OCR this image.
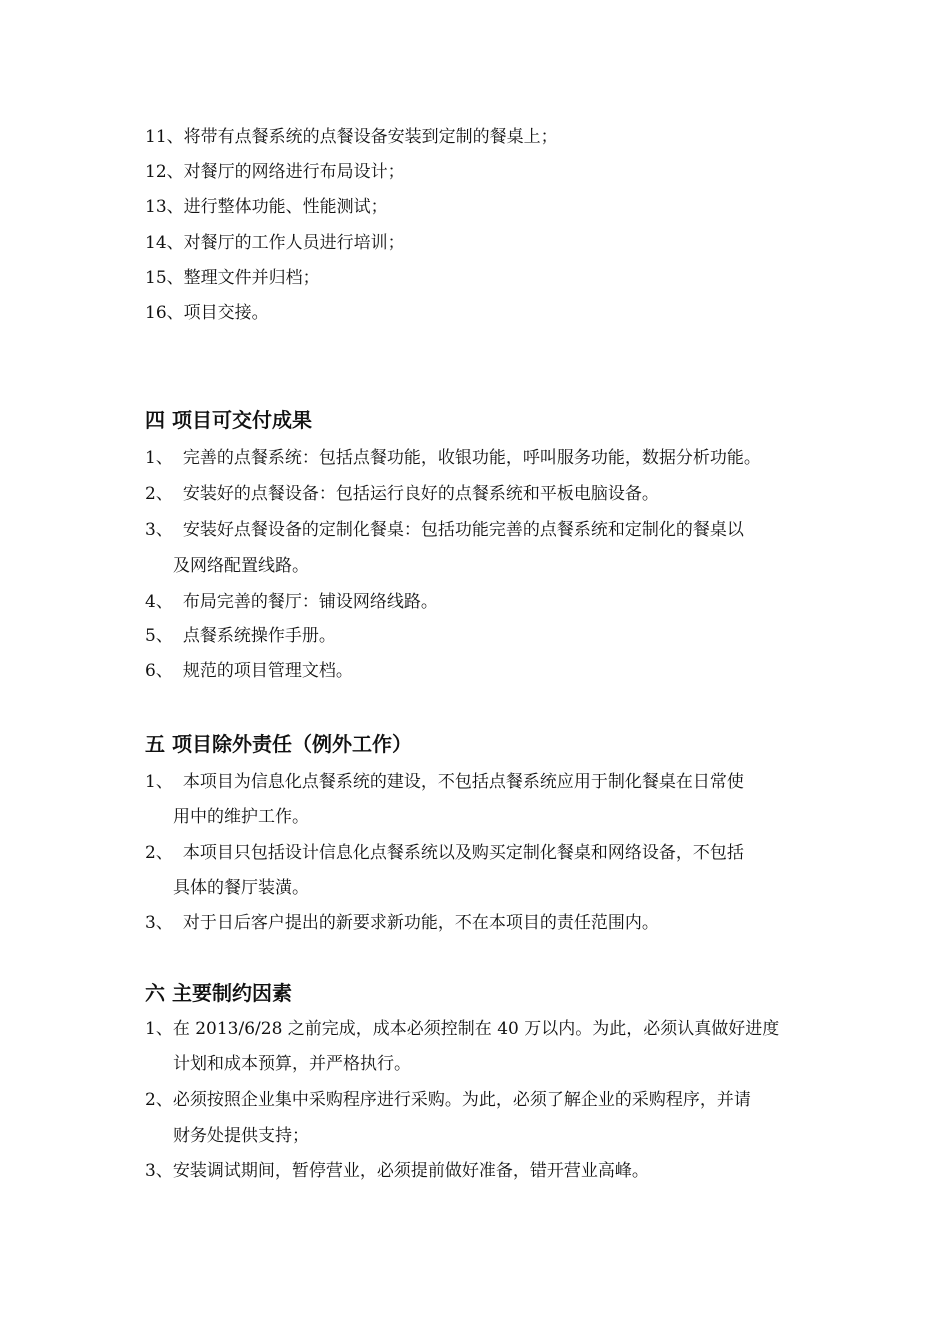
11、将带有点餐系统的点餐设备安装到定制的餐桌上；
12、对餐厅的网络进行布局设计；
13、进行整体功能、性能测试；
14、对餐厅的工作人员进行培训；
15、整理文件并归档；
16、项目交接。
四 项目可交付成果
1、 完善的点餐系统：包括点餐功能，收银功能，呼叫服务功能，数据分析功能。
2、 安装好的点餐设备：包括运行良好的点餐系统和平板电脑设备。
3、 安装好点餐设备的定制化餐桌：包括功能完善的点餐系统和定制化的餐桌以
及网络配置线路。
4、 布局完善的餐厅：铺设网络线路。
5、 点餐系统操作手册。
6、 规范的项目管理文档。
五 项目除外责任（例外工作）
1、 本项目为信息化点餐系统的建设，不包括点餐系统应用于制化餐桌在日常使
用中的维护工作。
2、 本项目只包括设计信息化点餐系统以及购买定制化餐桌和网络设备，不包括
具体的餐厅装潢。
3、 对于日后客户提出的新要求新功能，不在本项目的责任范围内。
六 主要制约因素
1、在 2013/6/28 之前完成，成本必须控制在 40 万以内。为此，必须认真做好进度
计划和成本预算，并严格执行。
2、必须按照企业集中采购程序进行采购。为此，必须了解企业的采购程序，并请
财务处提供支持；
3、安装调试期间，暂停营业，必须提前做好准备，错开营业高峰。
